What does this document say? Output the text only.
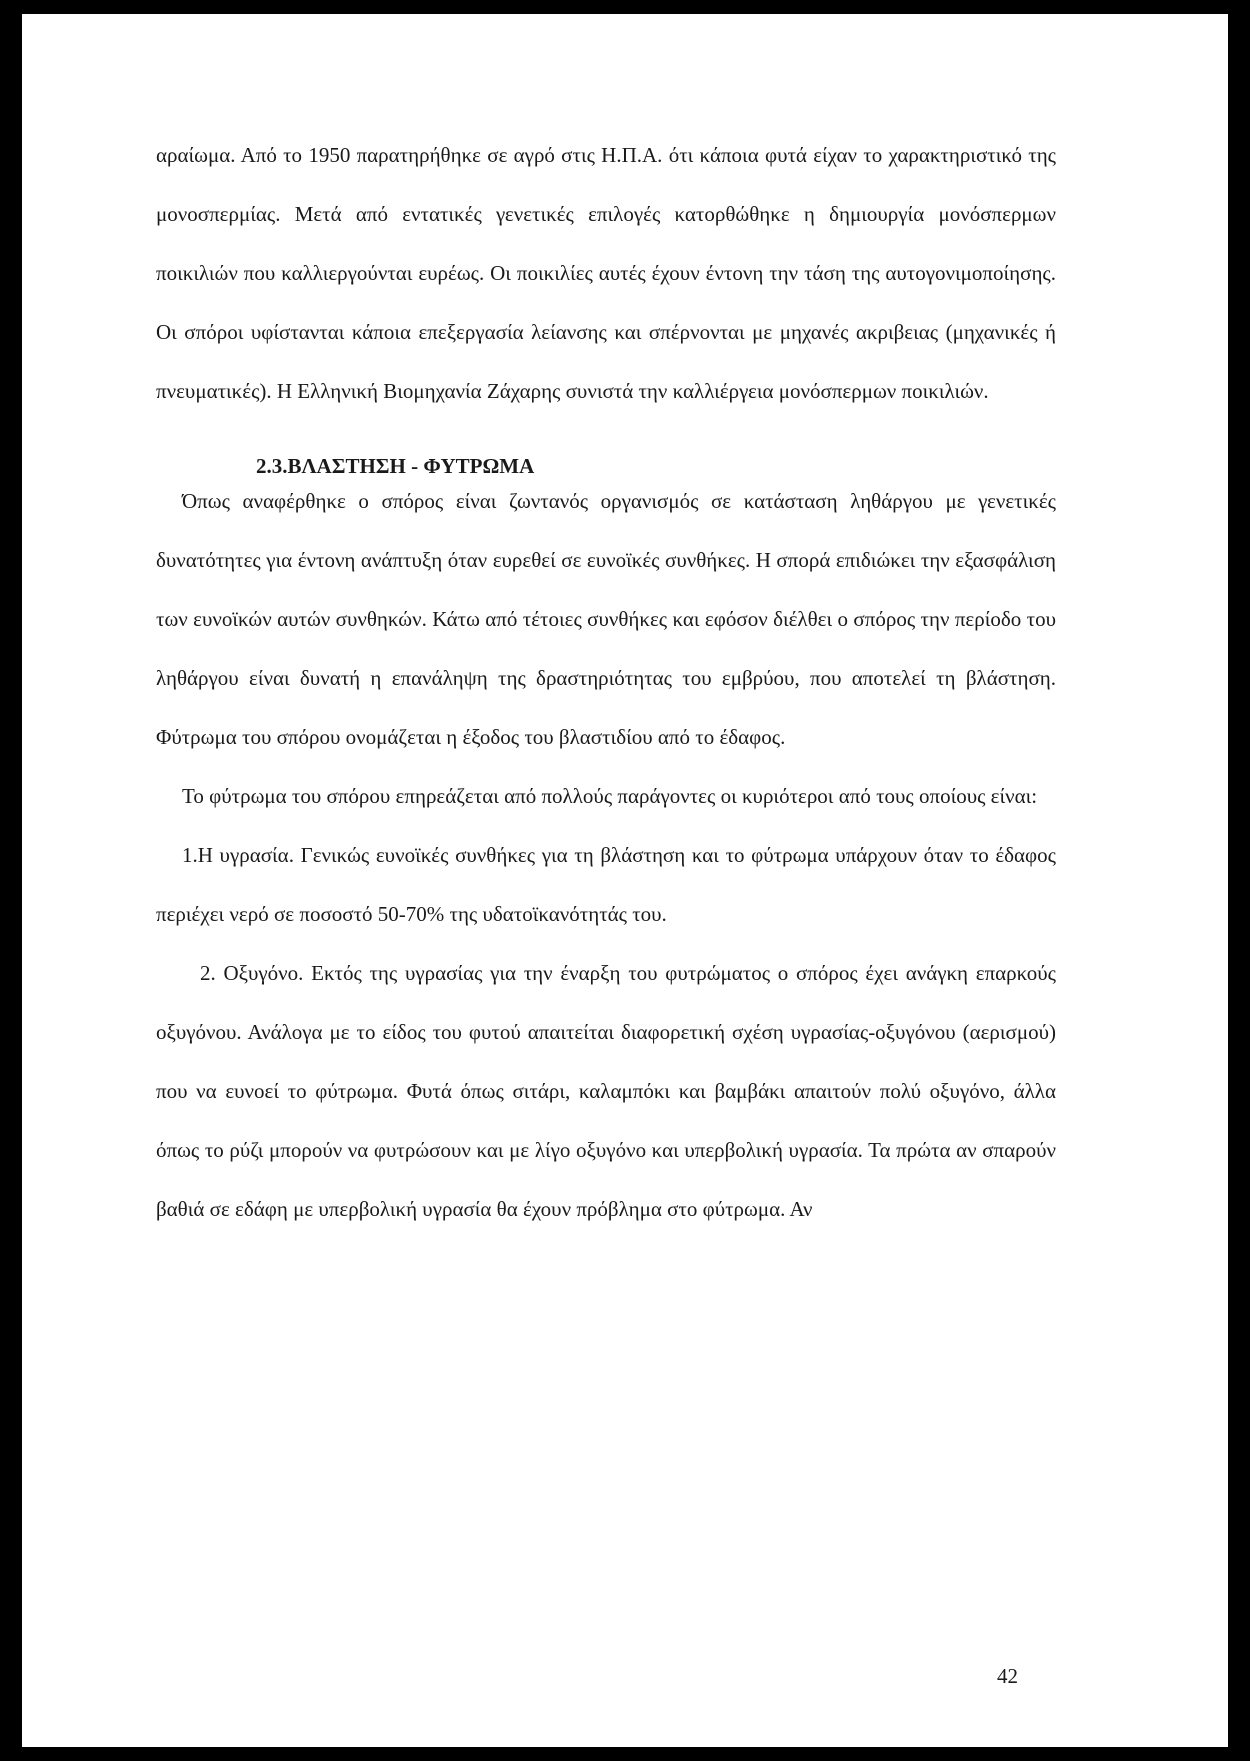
αραίωμα. Από το 1950 παρατηρήθηκε σε αγρό στις Η.Π.Α. ότι κάποια φυτά είχαν το χαρακτηριστικό της μονοσπερμίας. Μετά από εντατικές γενετικές επιλογές κατορθώθηκε η δημιουργία μονόσπερμων ποικιλιών που καλλιεργούνται ευρέως. Οι ποικιλίες αυτές έχουν έντονη την τάση της αυτογονιμοποίησης. Οι σπόροι υφίστανται κάποια επεξεργασία λείανσης και σπέρνονται με μηχανές ακριβειας (μηχανικές ή πνευματικές). Η Ελληνική Βιομηχανία Ζάχαρης συνιστά την καλλιέργεια μονόσπερμων ποικιλιών.

2.3.ΒΛΑΣΤΗΣΗ - ΦΥΤΡΩΜΑ

Όπως αναφέρθηκε ο σπόρος είναι ζωντανός οργανισμός σε κατάσταση ληθάργου με γενετικές δυνατότητες για έντονη ανάπτυξη όταν ευρεθεί σε ευνοϊκές συνθήκες. Η σπορά επιδιώκει την εξασφάλιση των ευνοϊκών αυτών συνθηκών. Κάτω από τέτοιες συνθήκες και εφόσον διέλθει ο σπόρος την περίοδο του ληθάργου είναι δυνατή η επανάληψη της δραστηριότητας του εμβρύου, που αποτελεί τη βλάστηση. Φύτρωμα του σπόρου ονομάζεται η έξοδος του βλαστιδίου από το έδαφος.

Το φύτρωμα του σπόρου επηρεάζεται από πολλούς παράγοντες οι κυριότεροι από τους οποίους είναι:

1.Η υγρασία. Γενικώς ευνοϊκές συνθήκες για τη βλάστηση και το φύτρωμα υπάρχουν όταν το έδαφος περιέχει νερό σε ποσοστό 50-70% της υδατοϊκανότητάς του.

2. Οξυγόνο. Εκτός της υγρασίας για την έναρξη του φυτρώματος ο σπόρος έχει ανάγκη επαρκούς οξυγόνου. Ανάλογα με το είδος του φυτού απαιτείται διαφορετική σχέση υγρασίας-οξυγόνου (αερισμού) που να ευνοεί το φύτρωμα. Φυτά όπως σιτάρι, καλαμπόκι και βαμβάκι απαιτούν πολύ οξυγόνο, άλλα όπως το ρύζι μπορούν να φυτρώσουν και με λίγο οξυγόνο και υπερβολική υγρασία. Τα πρώτα αν σπαρούν βαθιά σε εδάφη με υπερβολική υγρασία θα έχουν πρόβλημα στο φύτρωμα. Αν

42
